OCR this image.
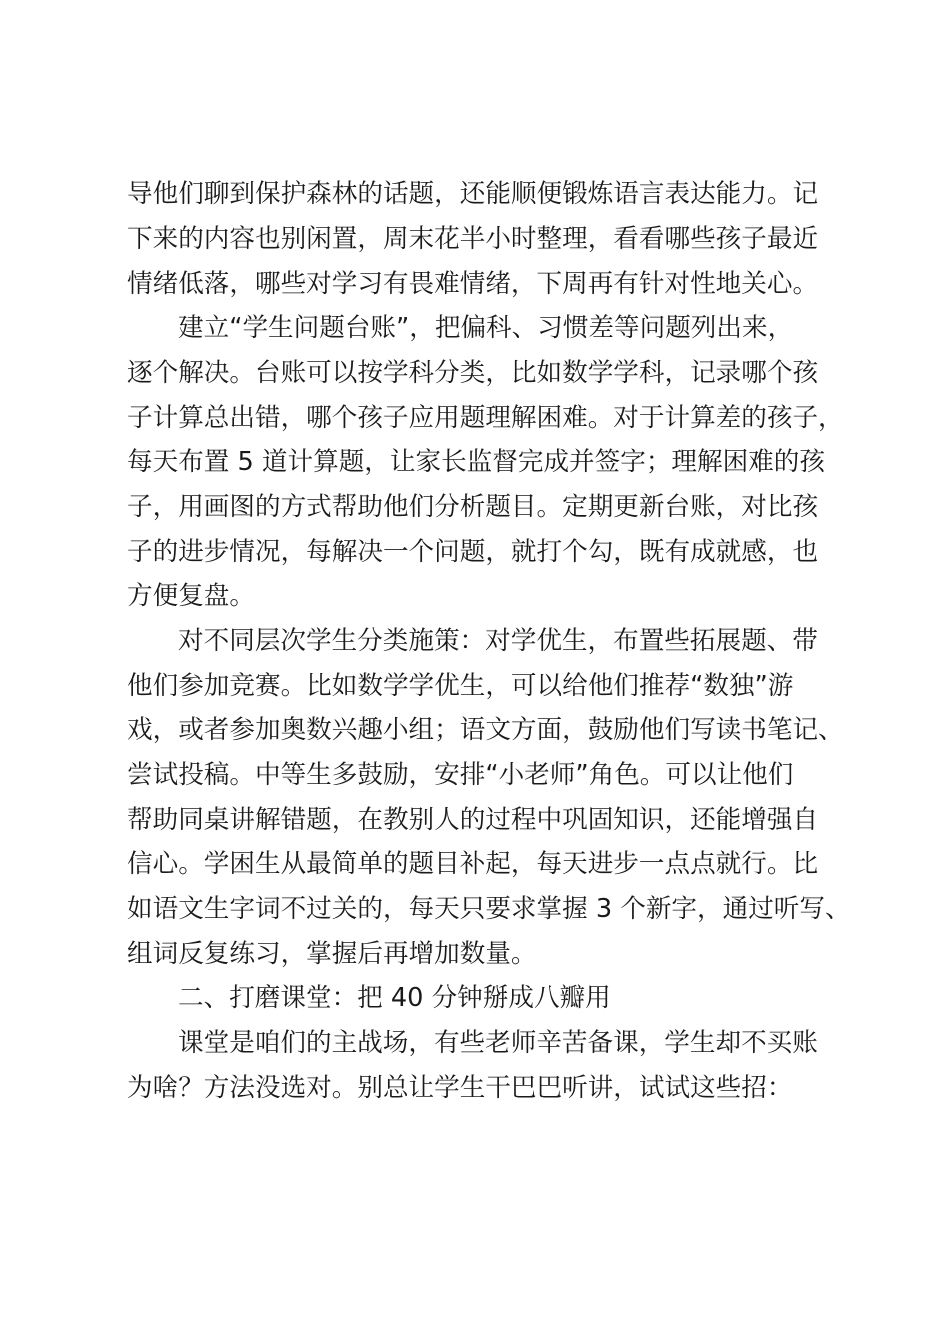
导他们聊到保护森林的话题，还能顺便锻炼语言表达能力。记
下来的内容也别闲置，周末花半小时整理，看看哪些孩子最近
情绪低落，哪些对学习有畏难情绪，下周再有针对性地关心。
建立“学生问题台账”，把偏科、习惯差等问题列出来，
逐个解决。台账可以按学科分类，比如数学学科，记录哪个孩
子计算总出错，哪个孩子应用题理解困难。对于计算差的孩子，
每天布置 5 道计算题，让家长监督完成并签字；理解困难的孩
子，用画图的方式帮助他们分析题目。定期更新台账，对比孩
子的进步情况，每解决一个问题，就打个勾，既有成就感，也
方便复盘。
对不同层次学生分类施策：对学优生，布置些拓展题、带
他们参加竞赛。比如数学学优生，可以给他们推荐“数独”游
戏，或者参加奥数兴趣小组；语文方面，鼓励他们写读书笔记、
尝试投稿。中等生多鼓励，安排“小老师”角色。可以让他们
帮助同桌讲解错题，在教别人的过程中巩固知识，还能增强自
信心。学困生从最简单的题目补起，每天进步一点点就行。比
如语文生字词不过关的，每天只要求掌握 3 个新字，通过听写、
组词反复练习，掌握后再增加数量。
二、打磨课堂：把 40 分钟掰成八瓣用
课堂是咱们的主战场，有些老师辛苦备课，学生却不买账
为啥？方法没选对。别总让学生干巴巴听讲，试试这些招：
